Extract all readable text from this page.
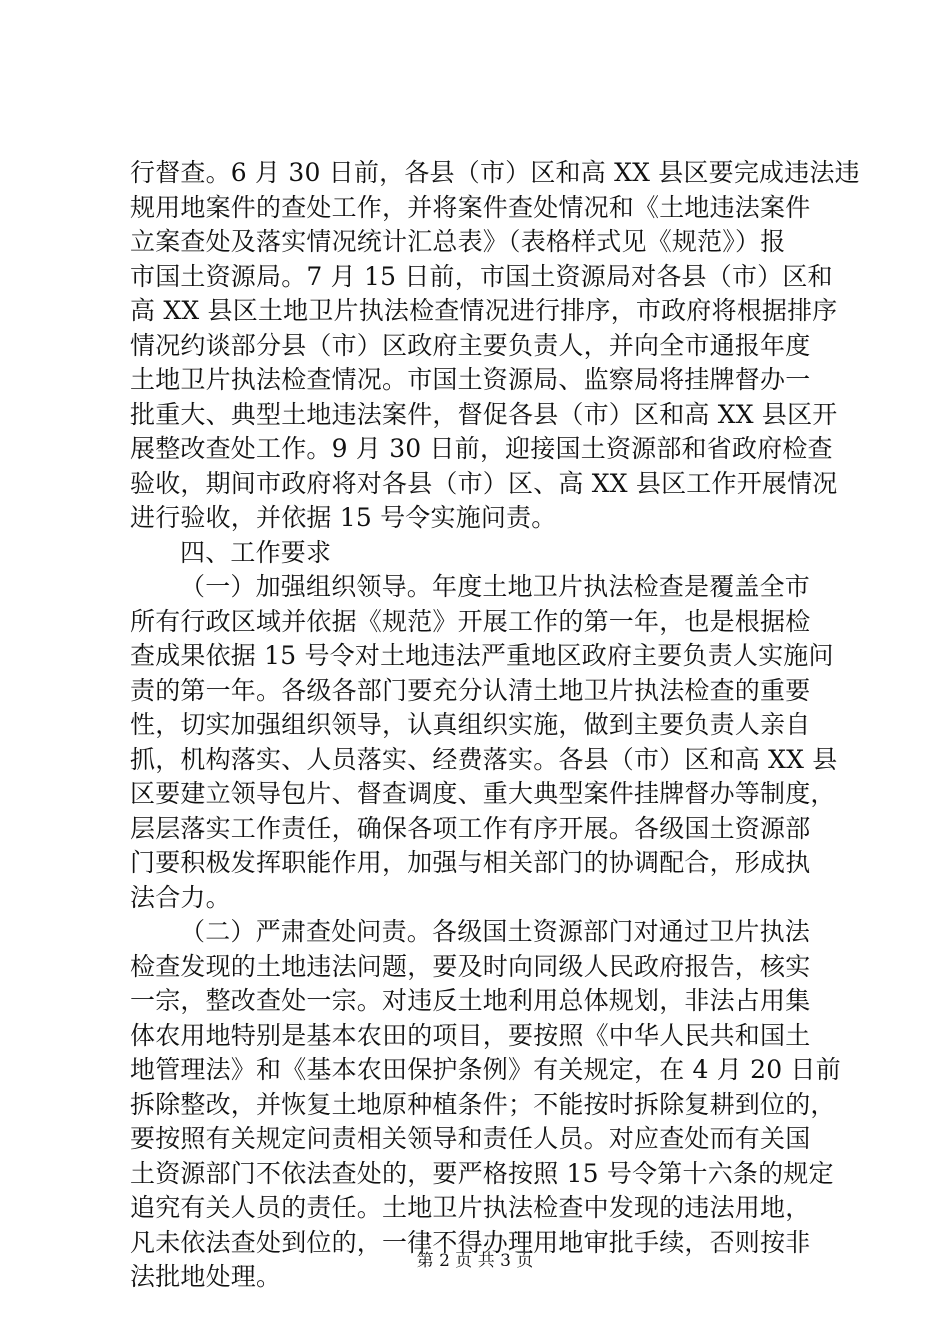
行督查。6 月 30 日前，各县（市）区和高 XX 县区要完成违法违
规用地案件的查处工作，并将案件查处情况和《土地违法案件
立案查处及落实情况统计汇总表》（表格样式见《规范》）报
市国土资源局。7 月 15 日前，市国土资源局对各县（市）区和
高 XX 县区土地卫片执法检查情况进行排序，市政府将根据排序
情况约谈部分县（市）区政府主要负责人，并向全市通报年度
土地卫片执法检查情况。市国土资源局、监察局将挂牌督办一
批重大、典型土地违法案件，督促各县（市）区和高 XX 县区开
展整改查处工作。9 月 30 日前，迎接国土资源部和省政府检查
验收，期间市政府将对各县（市）区、高 XX 县区工作开展情况
进行验收，并依据 15 号令实施问责。
四、工作要求
（一）加强组织领导。年度土地卫片执法检查是覆盖全市
所有行政区域并依据《规范》开展工作的第一年，也是根据检
查成果依据 15 号令对土地违法严重地区政府主要负责人实施问
责的第一年。各级各部门要充分认清土地卫片执法检查的重要
性，切实加强组织领导，认真组织实施，做到主要负责人亲自
抓，机构落实、人员落实、经费落实。各县（市）区和高 XX 县
区要建立领导包片、督查调度、重大典型案件挂牌督办等制度，
层层落实工作责任，确保各项工作有序开展。各级国土资源部
门要积极发挥职能作用，加强与相关部门的协调配合，形成执
法合力。
（二）严肃查处问责。各级国土资源部门对通过卫片执法
检查发现的土地违法问题，要及时向同级人民政府报告，核实
一宗，整改查处一宗。对违反土地利用总体规划，非法占用集
体农用地特别是基本农田的项目，要按照《中华人民共和国土
地管理法》和《基本农田保护条例》有关规定，在 4 月 20 日前
拆除整改，并恢复土地原种植条件；不能按时拆除复耕到位的，
要按照有关规定问责相关领导和责任人员。对应查处而有关国
土资源部门不依法查处的，要严格按照 15 号令第十六条的规定
追究有关人员的责任。土地卫片执法检查中发现的违法用地，
凡未依法查处到位的，一律不得办理用地审批手续，否则按非
法批地处理。
第 2 页 共 3 页
